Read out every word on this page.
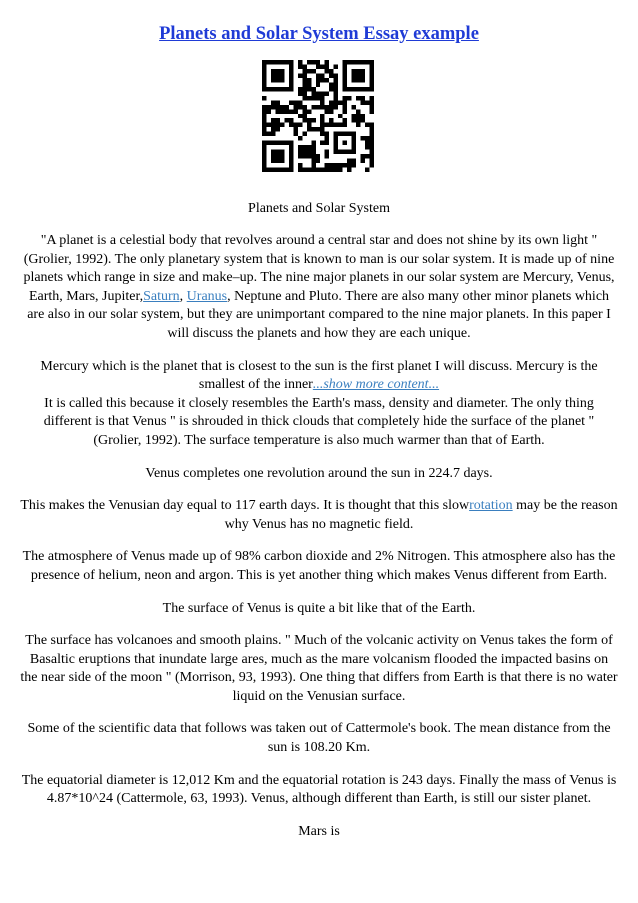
Planets and Solar System Essay example
Planets and Solar System

"A planet is a celestial body that revolves around a central star and does not shine by its own light " (Grolier, 1992). The only planetary system that is known to man is our solar system. It is made up of nine planets which range in size and make–up. The nine major planets in our solar system are Mercury, Venus, Earth, Mars, Jupiter,Saturn, Uranus, Neptune and Pluto. There are also many other minor planets which are also in our solar system, but they are unimportant compared to the nine major planets. In this paper I will discuss the planets and how they are each unique.

Mercury which is the planet that is closest to the sun is the first planet I will discuss. Mercury is the smallest of the inner...show more content...
It is called this because it closely resembles the Earth's mass, density and diameter. The only thing different is that Venus " is shrouded in thick clouds that completely hide the surface of the planet " (Grolier, 1992). The surface temperature is also much warmer than that of Earth.

Venus completes one revolution around the sun in 224.7 days.

This makes the Venusian day equal to 117 earth days. It is thought that this slowrotation may be the reason why Venus has no magnetic field.

The atmosphere of Venus made up of 98% carbon dioxide and 2% Nitrogen. This atmosphere also has the presence of helium, neon and argon. This is yet another thing which makes Venus different from Earth.

The surface of Venus is quite a bit like that of the Earth.

The surface has volcanoes and smooth plains. " Much of the volcanic activity on Venus takes the form of Basaltic eruptions that inundate large ares, much as the mare volcanism flooded the impacted basins on the near side of the moon " (Morrison, 93, 1993). One thing that differs from Earth is that there is no water liquid on the Venusian surface.

Some of the scientific data that follows was taken out of Cattermole's book. The mean distance from the sun is 108.20 Km.

The equatorial diameter is 12,012 Km and the equatorial rotation is 243 days. Finally the mass of Venus is 4.87*10^24 (Cattermole, 63, 1993). Venus, although different than Earth, is still our sister planet.

Mars is
